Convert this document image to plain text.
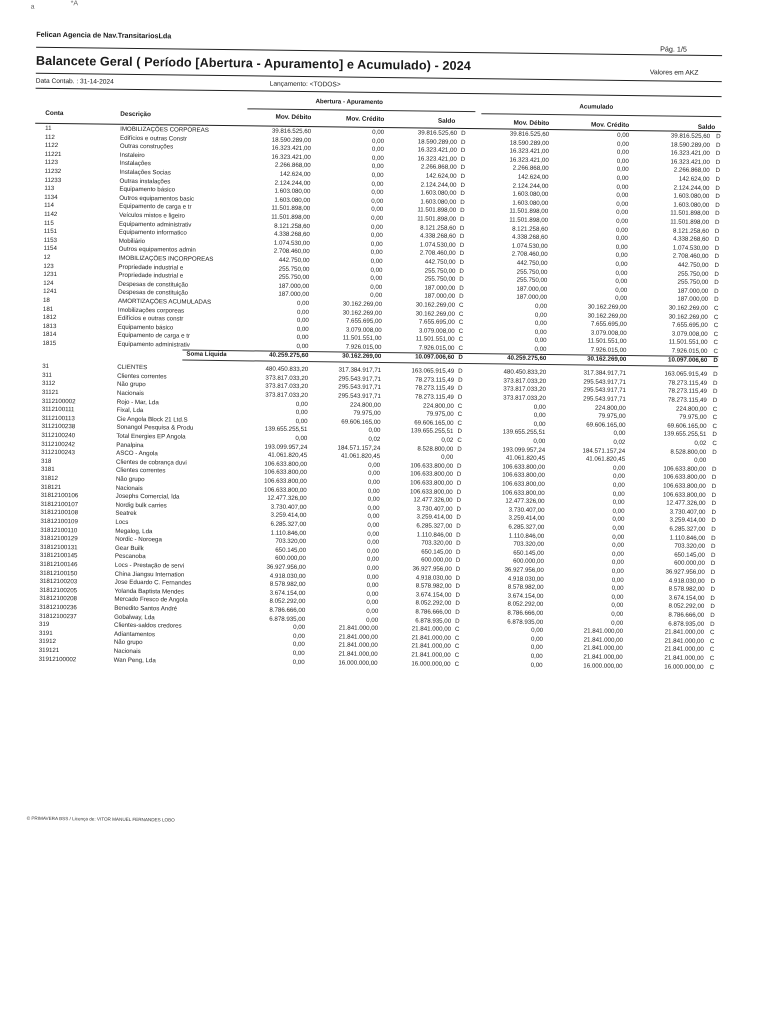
a	*A
Felican Agencia de Nav.TransitariosLda
Pág. 1/5
Balancete Geral ( Período [Abertura - Apuramento] e Acumulado) - 2024	Valores em AKZ
Data Contab. : 31-14-2024	Lançamento: <TODOS>
Abertura - Apuramento
Acumulado
Conta	Descrição	Mov. Débito	Mov. Crédito	Saldo	Mov. Débito	Mov. Crédito	Saldo
11	IMOBILIZAÇÕES CORPÓREAS	39.816.525,60	0,00	39.816.525,60 D	39.816.525,60	0,00	39.816.525,60 D
112	Edifícios e outras Constr	18.590.289,00	0,00	18.590.289,00 D	18.590.289,00	0,00	18.590.289,00 D
1122	Outras construções	16.323.421,00	0,00	16.323.421,00 D	16.323.421,00	0,00	16.323.421,00 D
11221	Instaleiro	16.323.421,00	0,00	16.323.421,00 D	16.323.421,00	0,00	16.323.421,00 D
1123	Instalações	2.266.868,00	0,00	2.266.868,00 D	2.266.868,00	0,00	2.266.868,00 D
11232	Instalações Socias	142.624,00	0,00	142.624,00 D	142.624,00	0,00	142.624,00 D
11233	Outras instalações	2.124.244,00	0,00	2.124.244,00 D	2.124.244,00	0,00	2.124.244,00 D
113	Equipamento básico	1.603.080,00	0,00	1.603.080,00 D	1.603.080,00	0,00	1.603.080,00 D
1134	Outros equipamentos basic	1.603.080,00	0,00	1.603.080,00 D	1.603.080,00	0,00	1.603.080,00 D
114	Equipamento de carga e tr	11.501.898,00	0,00	11.501.898,00 D	11.501.898,00	0,00	11.501.898,00 D
1142	Veículos mistos e ligeiro	11.501.898,00	0,00	11.501.898,00 D	11.501.898,00	0,00	11.501.898,00 D
115	Equipamento administrativ	8.121.258,60	0,00	8.121.258,60 D	8.121.258,60	0,00	8.121.258,60 D
1151	Equipamento informatico	4.338.268,60	0,00	4.338.268,60 D	4.338.268,60	0,00	4.338.268,60 D
1153	Mobiliário	1.074.530,00	0,00	1.074.530,00 D	1.074.530,00	0,00	1.074.530,00 D
1154	Outros equipamentos admin	2.708.460,00	0,00	2.708.460,00 D	2.708.460,00	0,00	2.708.460,00 D
12	IMOBILIZAÇÕES INCORPOREAS	442.750,00	0,00	442.750,00 D	442.750,00	0,00	442.750,00 D
123	Propriedade industrial e	255.750,00	0,00	255.750,00 D	255.750,00	0,00	255.750,00 D
1231	Propriedade industrial e	255.750,00	0,00	255.750,00 D	255.750,00	0,00	255.750,00 D
124	Despesas de constituição	187.000,00	0,00	187.000,00 D	187.000,00	0,00	187.000,00 D
1241	Despesas de constituição	187.000,00	0,00	187.000,00 D	187.000,00	0,00	187.000,00 D
18	AMORTIZAÇÕES ACUMULADAS	0,00	30.162.269,00	30.162.269,00 C	0,00	30.162.269,00	30.162.269,00 C
181	Imobilizações corporeas	0,00	30.162.269,00	30.162.269,00 C	0,00	30.162.269,00	30.162.269,00 C
1812	Edifícios e outras constr	0,00	7.655.695,00	7.655.695,00 C	0,00	7.655.695,00	7.655.695,00 C
1813	Equipamento básico	0,00	3.079.008,00	3.079.008,00 C	0,00	3.079.008,00	3.079.008,00 C
1814	Equipamento de carga e tr	0,00	11.501.551,00	11.501.551,00 C	0,00	11.501.551,00	11.501.551,00 C
1815	Equipamento administrativ	0,00	7.926.015,00	7.926.015,00 C	0,00	7.926.015,00	7.926.015,00 C
Soma Líquida	40.259.275,60	30.162.269,00	10.097.006,60 D	40.259.275,60	30.162.269,00	10.097.006,60 D
31	CLIENTES	480.450.833,20	317.384.917,71	163.065.915,49 D	480.450.833,20	317.384.917,71	163.065.915,49 D
311	Clientes correntes	373.817.033,20	295.543.917,71	78.273.115,49 D	373.817.033,20	295.543.917,71	78.273.115,49 D
3112	Não grupo	373.817.033,20	295.543.917,71	78.273.115,49 D	373.817.033,20	295.543.917,71	78.273.115,49 D
31121	Nacionais	373.817.033,20	295.543.917,71	78.273.115,49 D	373.817.033,20	295.543.917,71	78.273.115,49 D
3112100002	Rojo - Mar, Lda	0,00	224.800,00	224.800,00 C	0,00	224.800,00	224.800,00 C
3112100111	Fixal, Lda	0,00	79.975,00	79.975,00 C	0,00	79.975,00	79.975,00 C
3112100113	Cie Angola Block 21 Ltd.S	0,00	69.606.165,00	69.606.165,00 C	0,00	69.606.165,00	69.606.165,00 C
3112100238	Sonangol Pesquisa & Produ	139.655.255,51	0,00	139.655.255,51 D	139.655.255,51	0,00	139.655.255,51 D
3112100240	Total Energies EP Angola	0,00	0,02	0,02 C	0,00	0,02	0,02 C
3112100242	Panalpina	193.099.957,24	184.571.157,24	8.528.800,00 D	193.099.957,24	184.571.157,24	8.528.800,00 D
3112100243	ASCO - Angola	41.061.820,45	41.061.820,45	0,00	41.061.820,45	41.061.820,45	0,00
318	Clientes de cobrança duvi	106.633.800,00	0,00	106.633.800,00 D	106.633.800,00	0,00	106.633.800,00 D
3181	Clientes correntes	106.633.800,00	0,00	106.633.800,00 D	106.633.800,00	0,00	106.633.800,00 D
31812	Não grupo	106.633.800,00	0,00	106.633.800,00 D	106.633.800,00	0,00	106.633.800,00 D
318121	Nacionais	106.633.800,00	0,00	106.633.800,00 D	106.633.800,00	0,00	106.633.800,00 D
31812100106	Josephs Comercial, lda	12.477.326,00	0,00	12.477.326,00 D	12.477.326,00	0,00	12.477.326,00 D
31812100107	Nordig bulk carries	3.730.407,00	0,00	3.730.407,00 D	3.730.407,00	0,00	3.730.407,00 D
31812100108	Seatrek	3.259.414,00	0,00	3.259.414,00 D	3.259.414,00	0,00	3.259.414,00 D
31812100109	Locs	6.285.327,00	0,00	6.285.327,00 D	6.285.327,00	0,00	6.285.327,00 D
31812100110	Megalog, Lda	1.110.846,00	0,00	1.110.846,00 D	1.110.846,00	0,00	1.110.846,00 D
31812100129	Nordic - Noroega	703.320,00	0,00	703.320,00 D	703.320,00	0,00	703.320,00 D
31812100131	Gear Builk	650.145,00	0,00	650.145,00 D	650.145,00	0,00	650.145,00 D
31812100145	Pescanoba	600.000,00	0,00	600.000,00 D	600.000,00	0,00	600.000,00 D
31812100146	Locs - Prestação de servi	36.927.956,00	0,00	36.927.956,00 D	36.927.956,00	0,00	36.927.956,00 D
31812100150	China Jiangsu Internation	4.918.030,00	0,00	4.918.030,00 D	4.918.030,00	0,00	4.918.030,00 D
31812100203	Jose Eduardo C. Fernandes	8.578.982,00	0,00	8.578.982,00 D	8.578.982,00	0,00	8.578.982,00 D
31812100205	Yolanda Baptista Mendes	3.674.154,00	0,00	3.674.154,00 D	3.674.154,00	0,00	3.674.154,00 D
31812100208	Mercado Fresco de Angola	8.052.292,00	0,00	8.052.292,00 D	8.052.292,00	0,00	8.052.292,00 D
31812100236	Benedito Santos André	8.786.666,00	0,00	8.786.666,00 D	8.786.666,00	0,00	8.786.666,00 D
31812100237	Gobalway, Lda	6.878.935,00	0,00	6.878.935,00 D	6.878.935,00	0,00	6.878.935,00 D
319	Clientes-saldos credores	0,00	21.841.000,00	21.841.000,00 C	0,00	21.841.000,00	21.841.000,00 C
3191	Adiantamentos	0,00	21.841.000,00	21.841.000,00 C	0,00	21.841.000,00	21.841.000,00 C
31912	Não grupo	0,00	21.841.000,00	21.841.000,00 C	0,00	21.841.000,00	21.841.000,00 C
319121	Nacionais	0,00	21.841.000,00	21.841.000,00 C	0,00	21.841.000,00	21.841.000,00 C
31912100002	Wan Peng, Lda	0,00	16.000.000,00	16.000.000,00 C	0,00	16.000.000,00	16.000.000,00 C
© PRIMAVERA BSS / Licença de: VITOR MANUEL FERNANDES LOBO
